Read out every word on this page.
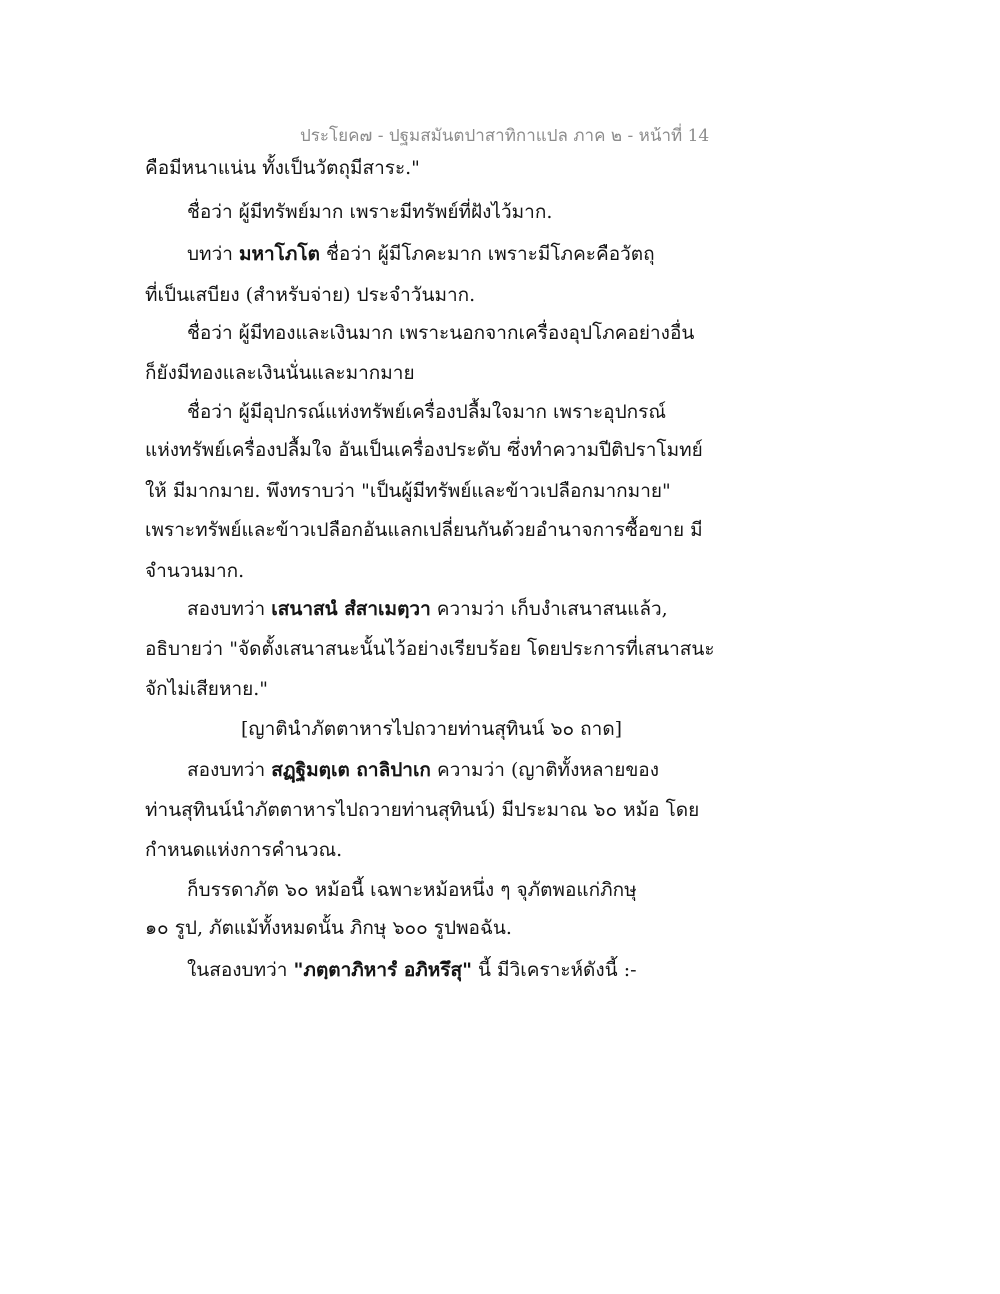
ประโยค๗ - ปฐมสมันตปาสาทิกาแปล ภาค ๒ - หน้าที่ 14
คือมีหนาแน่น ทั้งเป็นวัตถุมีสาระ."
ชื่อว่า ผู้มีทรัพย์มาก เพราะมีทรัพย์ที่ฝังไว้มาก.
บทว่า มหาโภโต ชื่อว่า ผู้มีโภคะมาก เพราะมีโภคะคือวัตถุ
ที่เป็นเสบียง (สำหรับจ่าย) ประจำวันมาก.
ชื่อว่า ผู้มีทองและเงินมาก เพราะนอกจากเครื่องอุปโภคอย่างอื่น
ก็ยังมีทองและเงินนั่นและมากมาย
ชื่อว่า ผู้มีอุปกรณ์แห่งทรัพย์เครื่องปลื้มใจมาก เพราะอุปกรณ์
แห่งทรัพย์เครื่องปลื้มใจ อันเป็นเครื่องประดับ ซึ่งทำความปีติปราโมทย์
ให้ มีมากมาย. พึงทราบว่า "เป็นผู้มีทรัพย์และข้าวเปลือกมากมาย"
เพราะทรัพย์และข้าวเปลือกอันแลกเปลี่ยนกันด้วยอำนาจการซื้อขาย มี
จำนวนมาก.
สองบทว่า เสนาสนํ สํสาเมตฺวา ความว่า เก็บงำเสนาสนแล้ว,
อธิบายว่า "จัดตั้งเสนาสนะนั้นไว้อย่างเรียบร้อย โดยประการที่เสนาสนะ
จักไม่เสียหาย."
[ญาตินำภัตตาหารไปถวายท่านสุทินน์ ๖๐ ถาด]
สองบทว่า สฏฺฐิมตฺเต ถาลิปาเก ความว่า (ญาติทั้งหลายของ
ท่านสุทินน์นำภัตตาหารไปถวายท่านสุทินน์) มีประมาณ ๖๐ หม้อ โดย
กำหนดแห่งการคำนวณ.
ก็บรรดาภัต ๖๐ หม้อนี้ เฉพาะหม้อหนึ่ง ๆ จุภัตพอแก่ภิกษุ
๑๐ รูป, ภัตแม้ทั้งหมดนั้น ภิกษุ ๖๐๐ รูปพอฉัน.
ในสองบทว่า "ภตฺตาภิหารํ อภิหรึสุ" นี้ มีวิเคราะห์ดังนี้ :-
